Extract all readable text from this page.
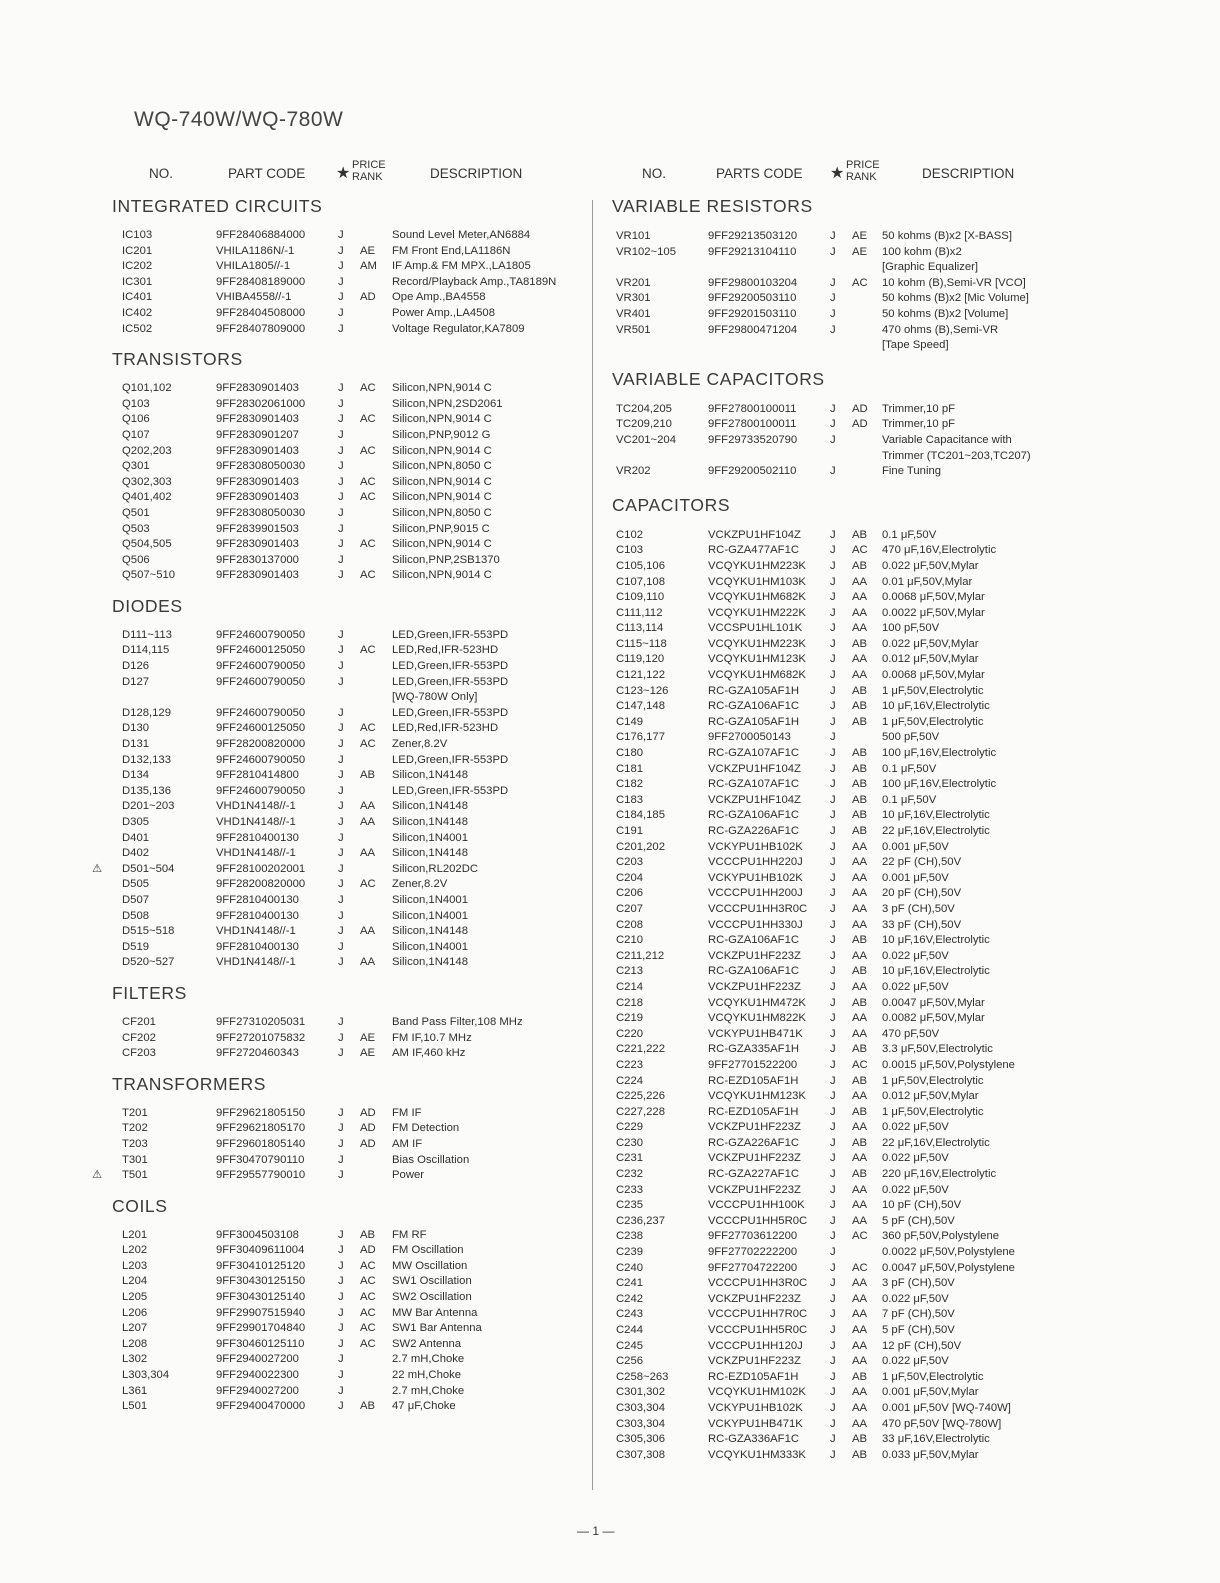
WQ-740W/WQ-780W
NO.	PART CODE ★ PRICE RANK	DESCRIPTION
INTEGRATED CIRCUITS
IC103	9FF28406884000	J	Sound Level Meter,AN6884
IC201	VHILA1186N/-1	J AE FM Front End,LA1186N
IC202	VHILA1805//-1	J AM IF Amp.& FM MPX.,LA1805
IC301	9FF28408189000	J	Record/Playback Amp.,TA8189N
IC401	VHIBA4558//-1	J AD Ope Amp.,BA4558
IC402	9FF28404508000	J	Power Amp.,LA4508
IC502	9FF28407809000	J	Voltage Regulator,KA7809
TRANSISTORS
Q101,102	9FF2830901403	J AC Silicon,NPN,9014 C
Q103	9FF28302061000	J	Silicon,NPN,2SD2061
Q106	9FF2830901403	J AC Silicon,NPN,9014 C
Q107	9FF2830901207	J	Silicon,PNP,9012 G
Q202,203	9FF2830901403	J AC Silicon,NPN,9014 C
Q301	9FF28308050030	J	Silicon,NPN,8050 C
Q302,303	9FF2830901403	J AC Silicon,NPN,9014 C
Q401,402	9FF2830901403	J AC Silicon,NPN,9014 C
Q501	9FF28308050030	J	Silicon,NPN,8050 C
Q503	9FF2839901503	J	Silicon,PNP,9015 C
Q504,505	9FF2830901403	J AC Silicon,NPN,9014 C
Q506	9FF2830137000	J	Silicon,PNP,2SB1370
Q507~510	9FF2830901403	J AC Silicon,NPN,9014 C
DIODES
D111~113	9FF24600790050	J	LED,Green,IFR-553PD
D114,115	9FF24600125050	J AC LED,Red,IFR-523HD
D126	9FF24600790050	J	LED,Green,IFR-553PD
D127	9FF24600790050	J	LED,Green,IFR-553PD
[WQ-780W Only]
D128,129	9FF24600790050	J	LED,Green,IFR-553PD
D130	9FF24600125050	J AC LED,Red,IFR-523HD
D131	9FF28200820000	J AC Zener,8.2V
D132,133	9FF24600790050	J	LED,Green,IFR-553PD
D134	9FF2810414800	J AB Silicon,1N4148
D135,136	9FF24600790050	J	LED,Green,IFR-553PD
D201~203	VHD1N4148//-1	J AA Silicon,1N4148
D305	VHD1N4148//-1	J AA Silicon,1N4148
D401	9FF2810400130	J	Silicon,1N4001
D402	VHD1N4148//-1	J AA Silicon,1N4148
D501~504	9FF28100202001	J	Silicon,RL202DC
⚠
D505	9FF28200820000	J AC Zener,8.2V
D507	9FF2810400130	J	Silicon,1N4001
D508	9FF2810400130	J	Silicon,1N4001
D515~518	VHD1N4148//-1	J AA Silicon,1N4148
D519	9FF2810400130	J	Silicon,1N4001
D520~527	VHD1N4148//-1	J AA Silicon,1N4148
FILTERS
CF201	9FF27310205031	J	Band Pass Filter,108 MHz
CF202	9FF27201075832	J AE FM IF,10.7 MHz
CF203	9FF2720460343	J AE AM IF,460 kHz
TRANSFORMERS
T201	9FF29621805150	J AD FM IF
T202	9FF29621805170	J AD FM Detection
T203	9FF29601805140	J AD AM IF
T301	9FF30470790110	J	Bias Oscillation
T501	9FF29557790010	J	Power
⚠
COILS
L201	9FF3004503108	J AB FM RF
L202	9FF30409611004	J AD FM Oscillation
L203	9FF30410125120	J AC MW Oscillation
L204	9FF30430125150	J AC SW1 Oscillation
L205	9FF30430125140	J AC SW2 Oscillation
L206	9FF29907515940	J AC MW Bar Antenna
L207	9FF29901704840	J AC SW1 Bar Antenna
L208	9FF30460125110	J AC SW2 Antenna
L302	9FF2940027200	J	2.7 mH,Choke
L303,304	9FF2940022300	J	22 mH,Choke
L361	9FF2940027200	J	2.7 mH,Choke
L501	9FF29400470000	J AB 47 μF,Choke
NO.	PARTS CODE ★ PRICE RANK	DESCRIPTION
VARIABLE RESISTORS
VR101	9FF29213503120	J AE 50 kohms (B)x2 [X-BASS]
VR102~105	9FF29213104110	J AE 100 kohm (B)x2
[Graphic Equalizer]
VR201	9FF29800103204	J AC 10 kohm (B),Semi-VR [VCO]
VR301	9FF29200503110	J	50 kohms (B)x2 [Mic Volume]
VR401	9FF29201503110	J	50 kohms (B)x2 [Volume]
VR501	9FF29800471204	J	470 ohms (B),Semi-VR
[Tape Speed]
VARIABLE CAPACITORS
TC204,205	9FF27800100011	J AD Trimmer,10 pF
TC209,210	9FF27800100011	J AD Trimmer,10 pF
VC201~204	9FF29733520790	J	Variable Capacitance with
Trimmer (TC201~203,TC207)
VR202	9FF29200502110	J	Fine Tuning
CAPACITORS
C102	VCKZPU1HF104Z	J AB 0.1 μF,50V
C103	RC-GZA477AF1C	J AC 470 μF,16V,Electrolytic
C105,106	VCQYKU1HM223K J AB 0.022 μF,50V,Mylar
C107,108	VCQYKU1HM103K J AA 0.01 μF,50V,Mylar
C109,110	VCQYKU1HM682K J AA 0.0068 μF,50V,Mylar
C111,112	VCQYKU1HM222K J AA 0.0022 μF,50V,Mylar
C113,114	VCCSPU1HL101K J AA 100 pF,50V
C115~118	VCQYKU1HM223K J AB 0.022 μF,50V,Mylar
C119,120	VCQYKU1HM123K J AA 0.012 μF,50V,Mylar
C121,122	VCQYKU1HM682K J AA 0.0068 μF,50V,Mylar
C123~126	RC-GZA105AF1H	J AB 1 μF,50V,Electrolytic
C147,148	RC-GZA106AF1C	J AB 10 μF,16V,Electrolytic
C149	RC-GZA105AF1H	J AB 1 μF,50V,Electrolytic
C176,177	9FF2700050143	J	500 pF,50V
C180	RC-GZA107AF1C	J AB 100 μF,16V,Electrolytic
C181	VCKZPU1HF104Z	J AB 0.1 μF,50V
C182	RC-GZA107AF1C	J AB 100 μF,16V,Electrolytic
C183	VCKZPU1HF104Z	J AB 0.1 μF,50V
C184,185	RC-GZA106AF1C	J AB 10 μF,16V,Electrolytic
C191	RC-GZA226AF1C	J AB 22 μF,16V,Electrolytic
C201,202	VCKYPU1HB102K J AA 0.001 μF,50V
C203	VCCCPU1HH220J J AA 22 pF (CH),50V
C204	VCKYPU1HB102K J AA 0.001 μF,50V
C206	VCCCPU1HH200J J AA 20 pF (CH),50V
C207	VCCCPU1HH3R0C J AA 3 pF (CH),50V
C208	VCCCPU1HH330J J AA 33 pF (CH),50V
C210	RC-GZA106AF1C	J AB 10 μF,16V,Electrolytic
C211,212	VCKZPU1HF223Z	J AA 0.022 μF,50V
C213	RC-GZA106AF1C	J AB 10 μF,16V,Electrolytic
C214	VCKZPU1HF223Z	J AA 0.022 μF,50V
C218	VCQYKU1HM472K J AB 0.0047 μF,50V,Mylar
C219	VCQYKU1HM822K J AA 0.0082 μF,50V,Mylar
C220	VCKYPU1HB471K J AA 470 pF,50V
C221,222	RC-GZA335AF1H	J AB 3.3 μF,50V,Electrolytic
C223	9FF27701522200	J AC 0.0015 μF,50V,Polystylene
C224	RC-EZD105AF1H	J AB 1 μF,50V,Electrolytic
C225,226	VCQYKU1HM123K J AA 0.012 μF,50V,Mylar
C227,228	RC-EZD105AF1H	J AB 1 μF,50V,Electrolytic
C229	VCKZPU1HF223Z	J AA 0.022 μF,50V
C230	RC-GZA226AF1C	J AB 22 μF,16V,Electrolytic
C231	VCKZPU1HF223Z	J AA 0.022 μF,50V
C232	RC-GZA227AF1C	J AB 220 μF,16V,Electrolytic
C233	VCKZPU1HF223Z	J AA 0.022 μF,50V
C235	VCCCPU1HH100K J AA 10 pF (CH),50V
C236,237	VCCCPU1HH5R0C J AA 5 pF (CH),50V
C238	9FF27703612200	J AC 360 pF,50V,Polystylene
C239	9FF27702222200	J	0.0022 μF,50V,Polystylene
C240	9FF27704722200	J AC 0.0047 μF,50V,Polystylene
C241	VCCCPU1HH3R0C J AA 3 pF (CH),50V
C242	VCKZPU1HF223Z	J AA 0.022 μF,50V
C243	VCCCPU1HH7R0C J AA 7 pF (CH),50V
C244	VCCCPU1HH5R0C J AA 5 pF (CH),50V
C245	VCCCPU1HH120J J AA 12 pF (CH),50V
C256	VCKZPU1HF223Z	J AA 0.022 μF,50V
C258~263	RC-EZD105AF1H	J AB 1 μF,50V,Electrolytic
C301,302	VCQYKU1HM102K J AA 0.001 μF,50V,Mylar
C303,304	VCKYPU1HB102K J AA 0.001 μF,50V [WQ-740W]
C303,304	VCKYPU1HB471K J AA 470 pF,50V [WQ-780W]
C305,306	RC-GZA336AF1C	J AB 33 μF,16V,Electrolytic
C307,308	VCQYKU1HM333K J AB 0.033 μF,50V,Mylar
— 1 —
